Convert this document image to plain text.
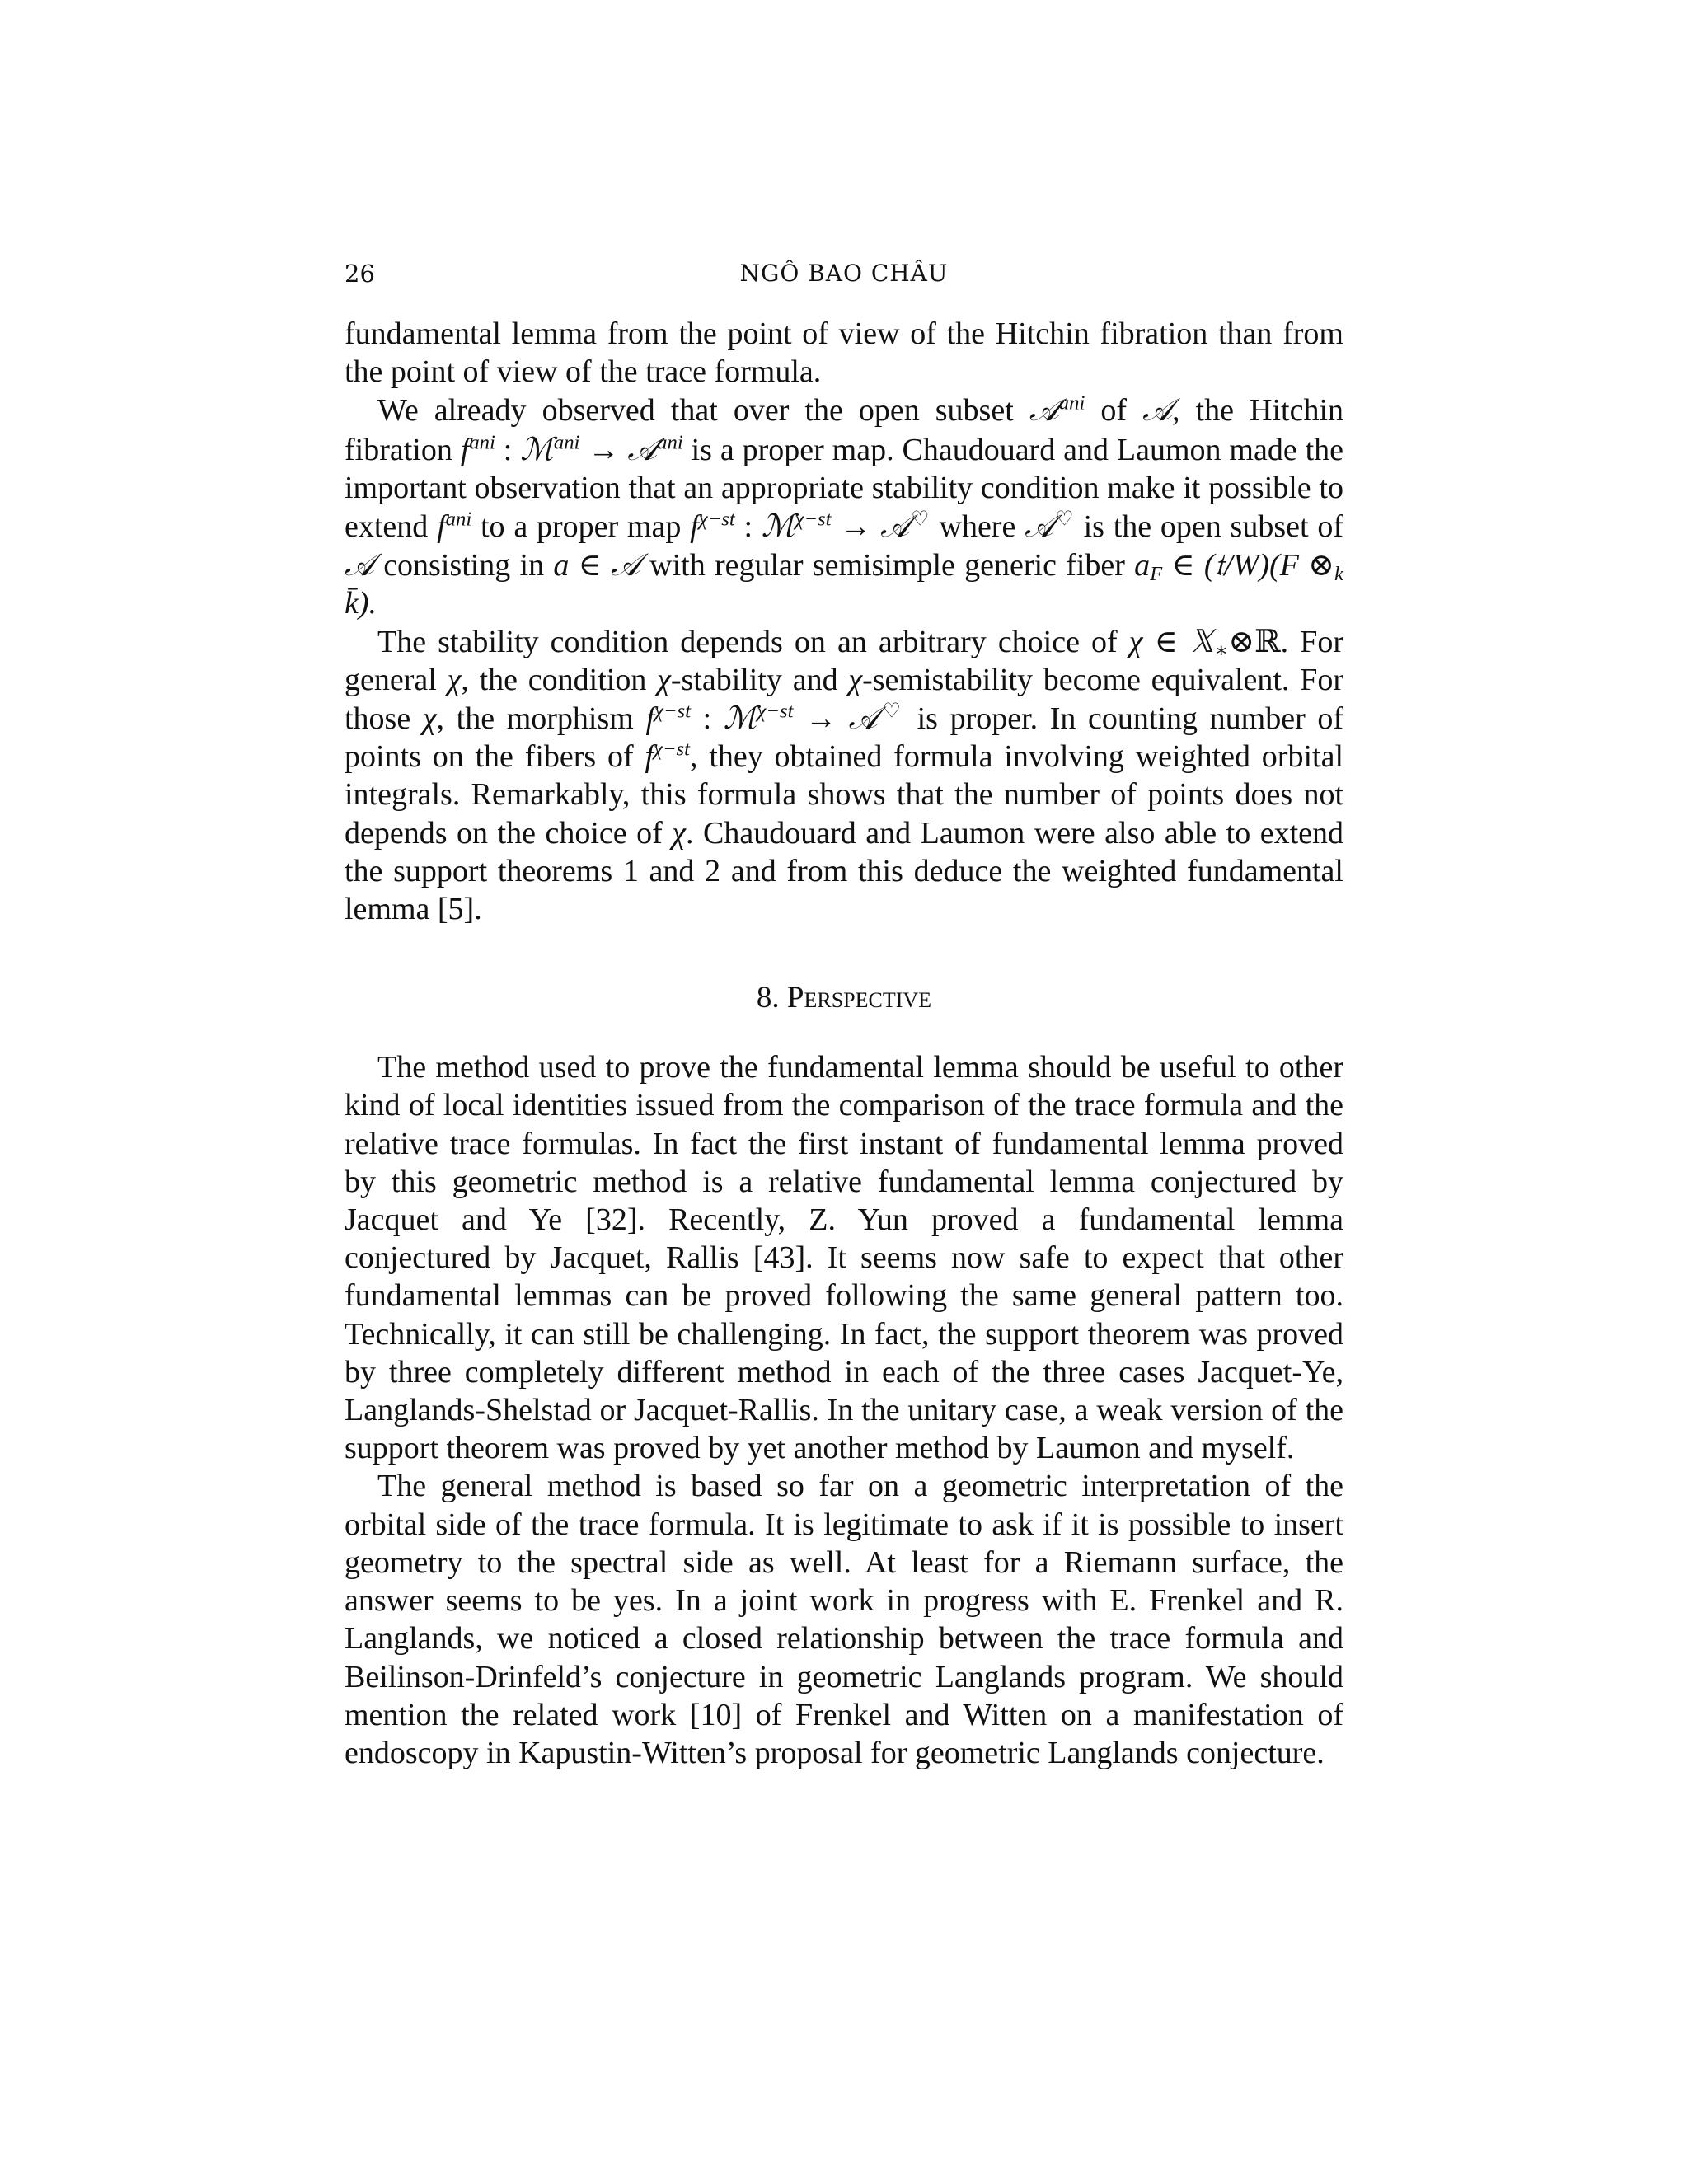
26	NGÔ BAO CHÂU

fundamental lemma from the point of view of the Hitchin fibration than from the point of view of the trace formula.

We already observed that over the open subset 𝒜$^{ani}$ of 𝒜, the Hitchin fibration $f^{ani}$ : ℳ$^{ani}$ → 𝒜$^{ani}$ is a proper map. Chaudouard and Laumon made the important observation that an appropriate stability condition make it possible to extend $f^{ani}$ to a proper map $f^{\chi-st}$ : ℳ$^{\chi-st}$ → 𝒜♡ where 𝒜♡ is the open subset of 𝒜 consisting in a ∈ 𝒜 with regular semisimple generic fiber $a_F$ ∈ (𝔱/W)(F $\otimes_k$ k̄).

The stability condition depends on an arbitrary choice of χ ∈ 𝕏$_∗$⊗ℝ. For general χ, the condition χ-stability and χ-semistability become equivalent. For those χ, the morphism $f^{\chi-st}$ : ℳ$^{\chi-st}$ → 𝒜♡ is proper. In counting number of points on the fibers of $f^{\chi-st}$, they obtained formula involving weighted orbital integrals. Remarkably, this formula shows that the number of points does not depends on the choice of χ. Chaudouard and Laumon were also able to extend the support theorems 1 and 2 and from this deduce the weighted fundamental lemma [5].

8. Perspective

The method used to prove the fundamental lemma should be useful to other kind of local identities issued from the comparison of the trace formula and the relative trace formulas. In fact the first instant of fundamental lemma proved by this geometric method is a relative fundamental lemma conjectured by Jacquet and Ye [32]. Recently, Z. Yun proved a fundamental lemma conjectured by Jacquet, Rallis [43]. It seems now safe to expect that other fundamental lemmas can be proved following the same general pattern too. Technically, it can still be challenging. In fact, the support theorem was proved by three completely different method in each of the three cases Jacquet-Ye, Langlands-Shelstad or Jacquet-Rallis. In the unitary case, a weak version of the support theorem was proved by yet another method by Laumon and myself.

The general method is based so far on a geometric interpretation of the orbital side of the trace formula. It is legitimate to ask if it is possible to insert geometry to the spectral side as well. At least for a Riemann surface, the answer seems to be yes. In a joint work in progress with E. Frenkel and R. Langlands, we noticed a closed relationship between the trace formula and Beilinson-Drinfeld’s conjecture in geometric Langlands program. We should mention the related work [10] of Frenkel and Witten on a manifestation of endoscopy in Kapustin-Witten’s proposal for geometric Langlands conjecture.
